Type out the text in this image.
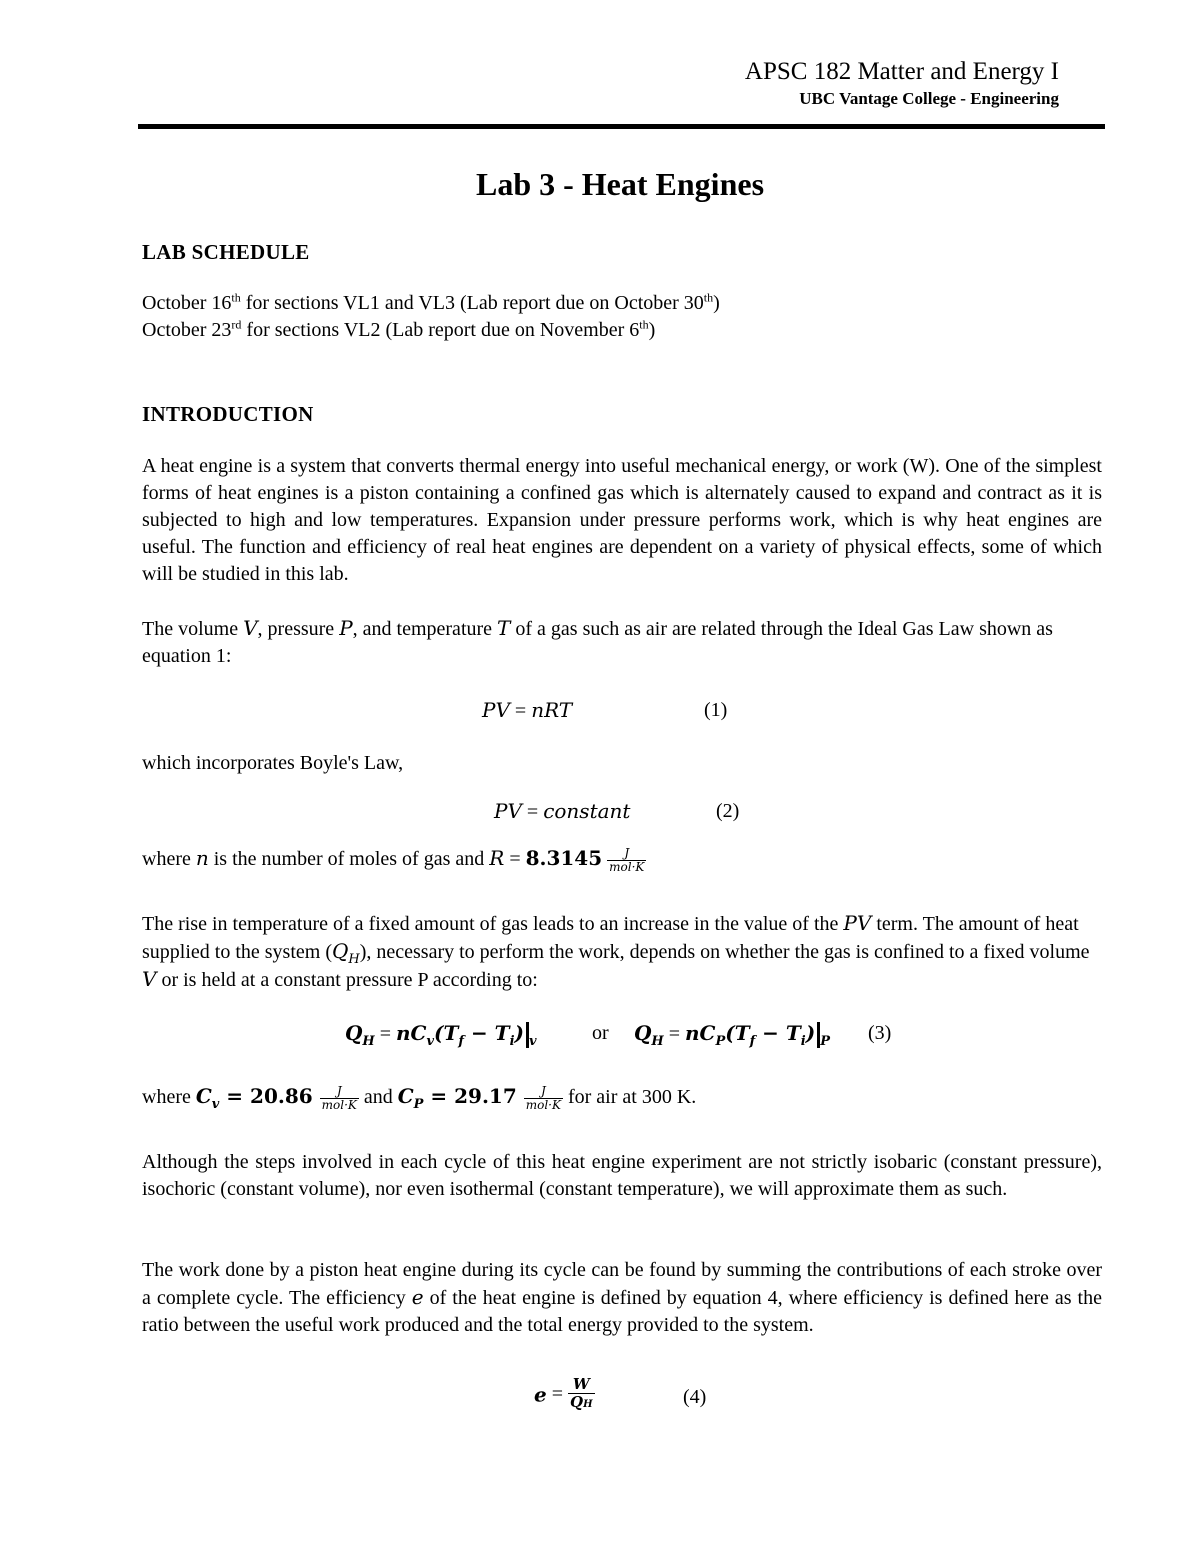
APSC 182 Matter and Energy I
UBC Vantage College - Engineering
Lab 3 - Heat Engines
LAB SCHEDULE
October 16th for sections VL1 and VL3 (Lab report due on October 30th)
October 23rd for sections VL2 (Lab report due on November 6th)
INTRODUCTION
A heat engine is a system that converts thermal energy into useful mechanical energy, or work (W). One of the simplest forms of heat engines is a piston containing a confined gas which is alternately caused to expand and contract as it is subjected to high and low temperatures. Expansion under pressure performs work, which is why heat engines are useful. The function and efficiency of real heat engines are dependent on a variety of physical effects, some of which will be studied in this lab.
The volume V, pressure P, and temperature T of a gas such as air are related through the Ideal Gas Law shown as equation 1:
PV = nRT	(1)
which incorporates Boyle's Law,
PV = constant	(2)
where n is the number of moles of gas and $R = 8.3145 \frac{J}{\text{mol·K}}$
The rise in temperature of a fixed amount of gas leads to an increase in the value of the PV term. The amount of heat supplied to the system $(Q_H)$, necessary to perform the work, depends on whether the gas is confined to a fixed volume V or is held at a constant pressure P according to:
$Q_H = nC_v(T_f - T_i)$ $_v$	or $Q_H = nC_P(T_f - T_i)$ $_P$ (3)
where $C_v = 20.86 \frac{J}{\text{mol·K}}$ and $C_P = 29.17 \frac{J}{\text{mol·K}}$ for air at 300 K.
Although the steps involved in each cycle of this heat engine experiment are not strictly isobaric (constant pressure), isochoric (constant volume), nor even isothermal (constant temperature), we will approximate them as such.
The work done by a piston heat engine during its cycle can be found by summing the contributions of each stroke over a complete cycle. The efficiency e of the heat engine is defined by equation 4, where efficiency is defined here as the ratio between the useful work produced and the total energy provided to the system.
$e = \frac{W}{QH}$	(4)
